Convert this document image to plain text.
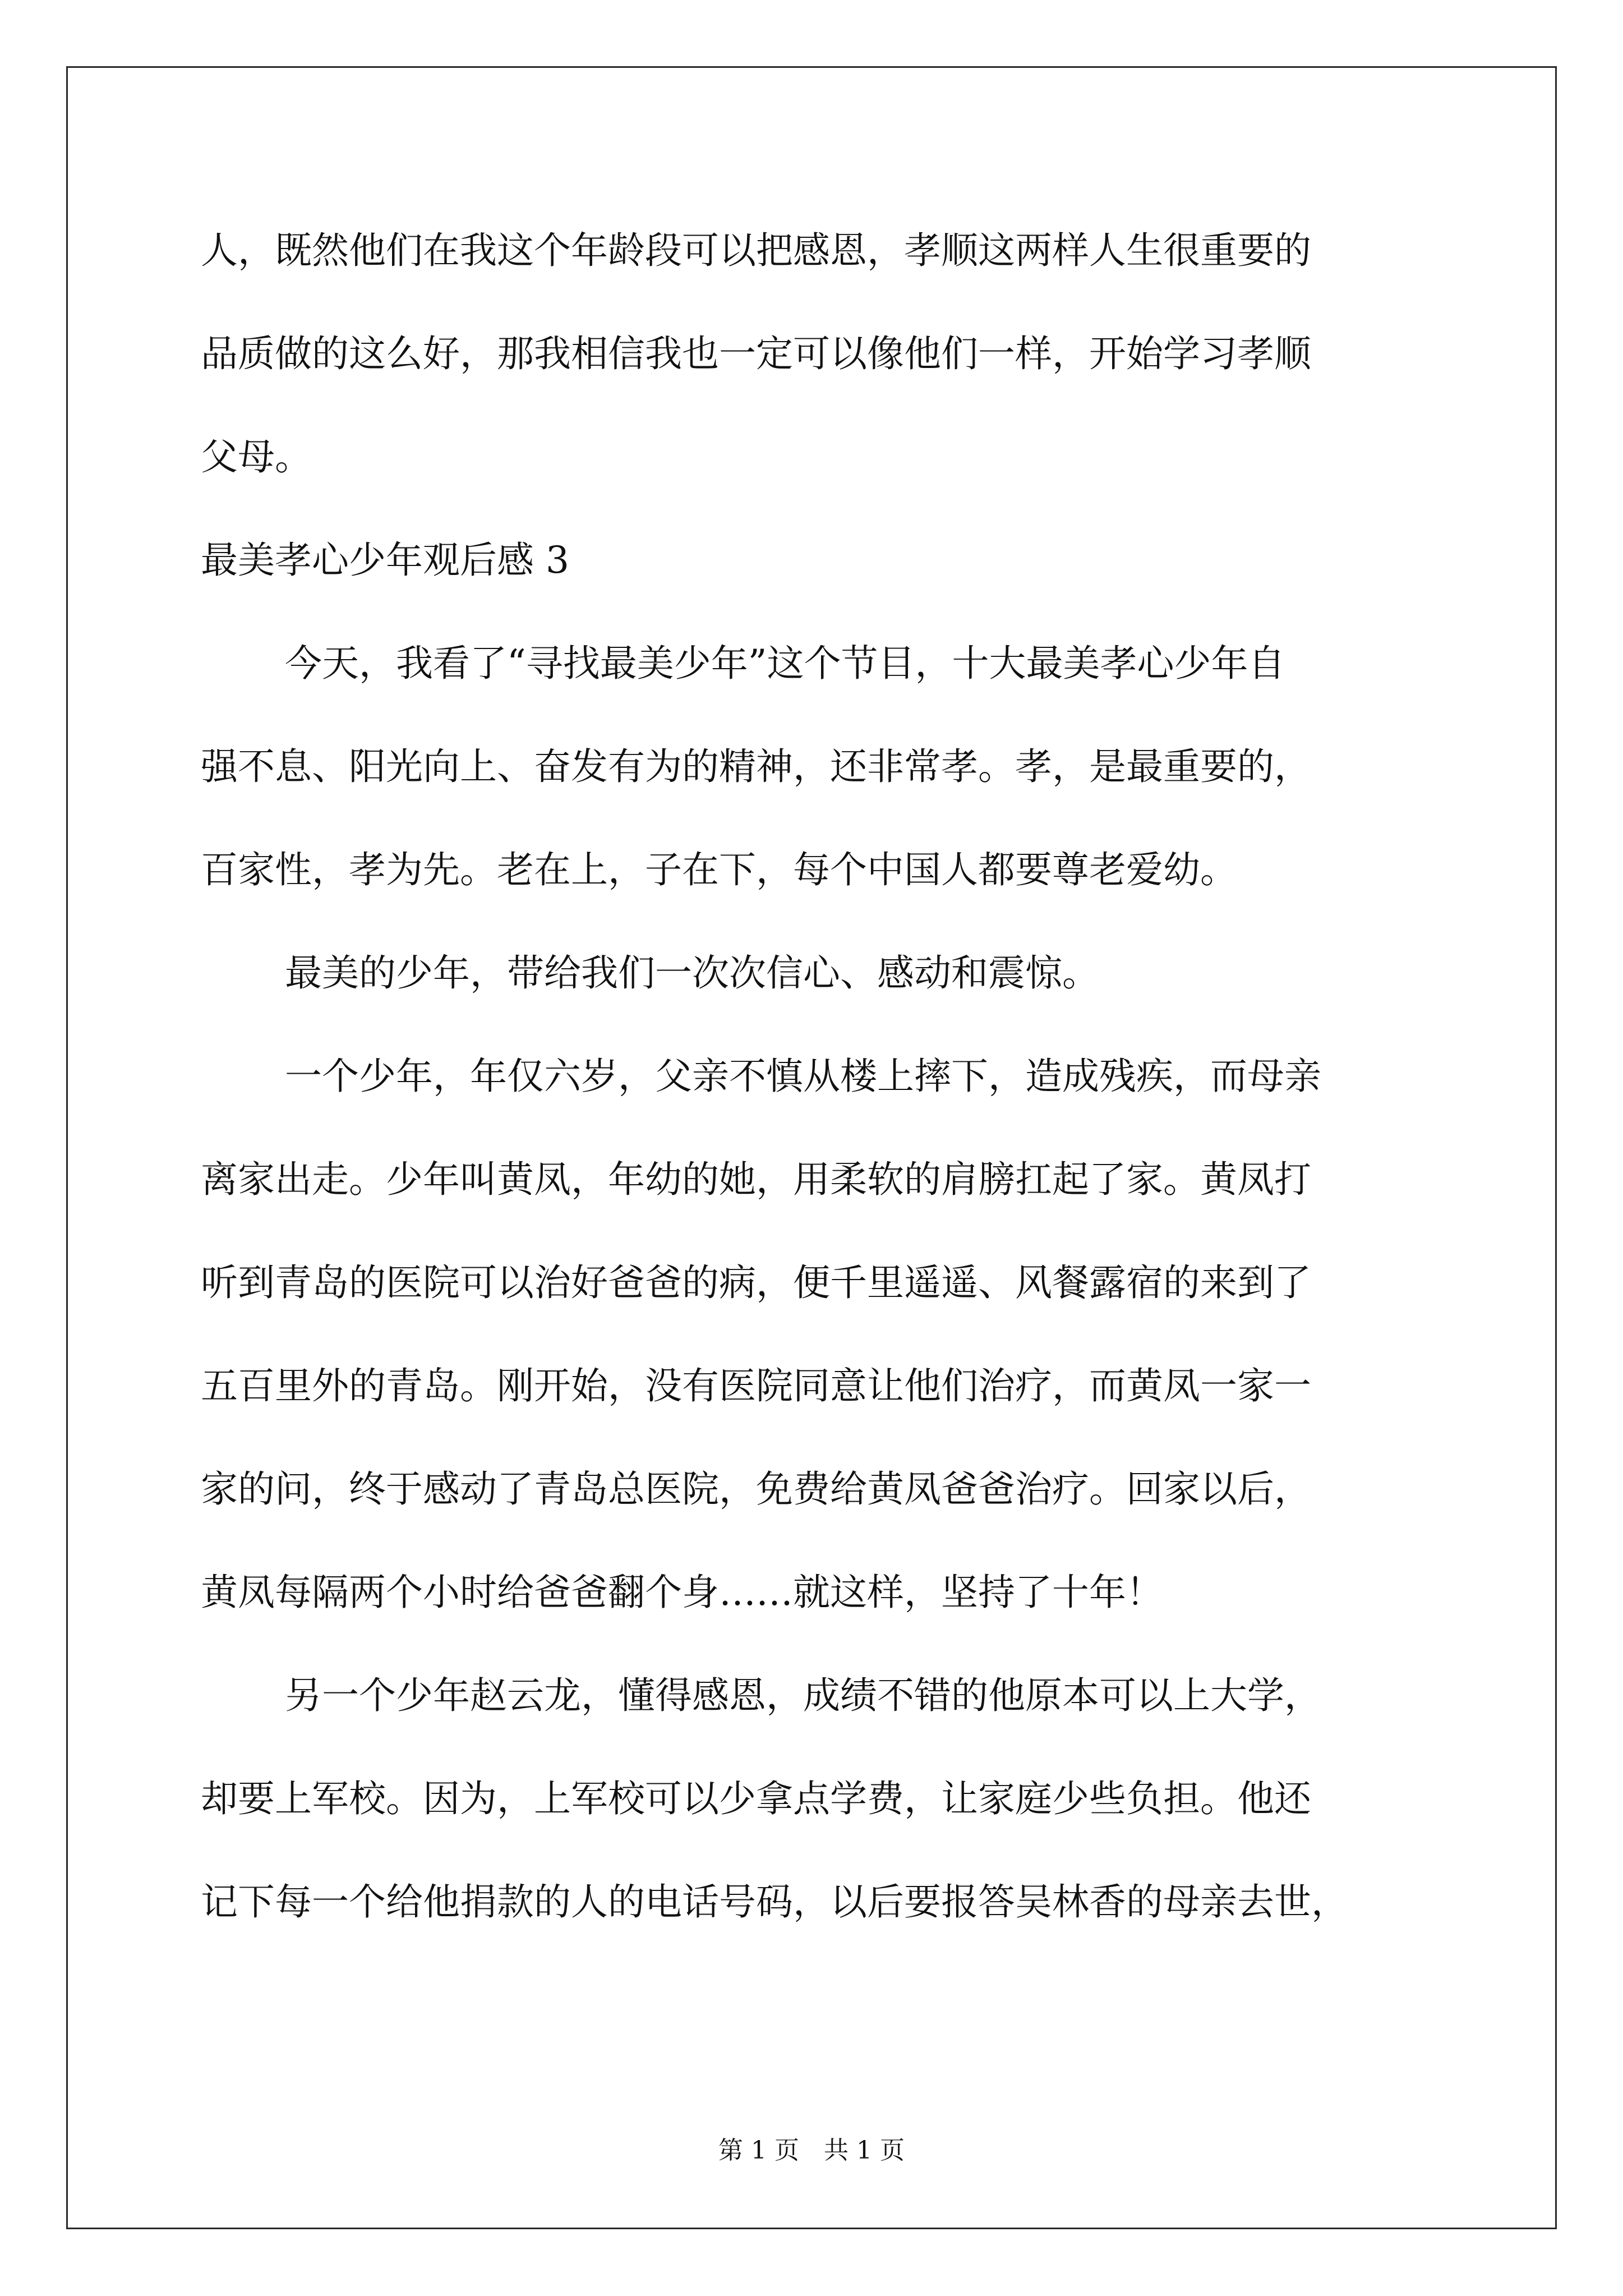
人，既然他们在我这个年龄段可以把感恩，孝顺这两样人生很重要的
品质做的这么好，那我相信我也一定可以像他们一样，开始学习孝顺
父母。
最美孝心少年观后感 3
今天，我看了“寻找最美少年”这个节目，十大最美孝心少年自
强不息、阳光向上、奋发有为的精神，还非常孝。孝，是最重要的，
百家性，孝为先。老在上，子在下，每个中国人都要尊老爱幼。
最美的少年，带给我们一次次信心、感动和震惊。
一个少年，年仅六岁，父亲不慎从楼上摔下，造成残疾，而母亲
离家出走。少年叫黄凤，年幼的她，用柔软的肩膀扛起了家。黄凤打
听到青岛的医院可以治好爸爸的病，便千里遥遥、风餐露宿的来到了
五百里外的青岛。刚开始，没有医院同意让他们治疗，而黄凤一家一
家的问，终于感动了青岛总医院，免费给黄凤爸爸治疗。回家以后，
黄凤每隔两个小时给爸爸翻个身……就这样，坚持了十年！
另一个少年赵云龙，懂得感恩，成绩不错的他原本可以上大学，
却要上军校。因为，上军校可以少拿点学费，让家庭少些负担。他还
记下每一个给他捐款的人的电话号码，以后要报答吴林香的母亲去世，
第 1 页　共 1 页
